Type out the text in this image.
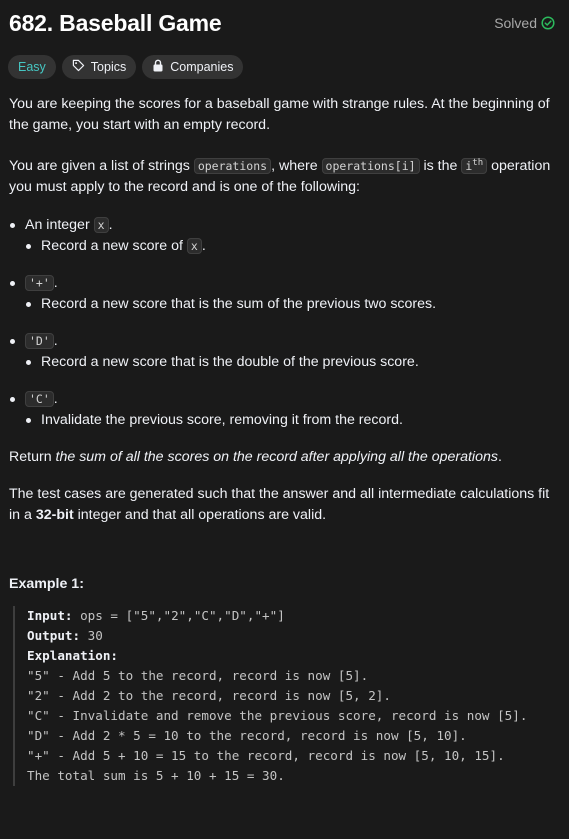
682. Baseball Game	Solved
Easy	Topics	Companies

You are keeping the scores for a baseball game with strange rules. At the beginning of the game, you start with an empty record.

You are given a list of strings operations , where operations[i] is the $i^{th}$ operation you must apply to the record and is one of the following:

An integer x .
Record a new score of x .
'+' .
Record a new score that is the sum of the previous two scores.
'D' .
Record a new score that is the double of the previous score.
'C' .
Invalidate the previous score, removing it from the record.

Return the sum of all the scores on the record after applying all the operations.

The test cases are generated such that the answer and all intermediate calculations fit in a 32-bit integer and that all operations are valid.

Example 1:
Input: ops = ["5","2","C","D","+"]
Output: 30
Explanation:
"5" - Add 5 to the record, record is now [5].
"2" - Add 2 to the record, record is now [5, 2].
"C" - Invalidate and remove the previous score, record is now [5].
"D" - Add 2 * 5 = 10 to the record, record is now [5, 10].
"+" - Add 5 + 10 = 15 to the record, record is now [5, 10, 15].
The total sum is 5 + 10 + 15 = 30.
